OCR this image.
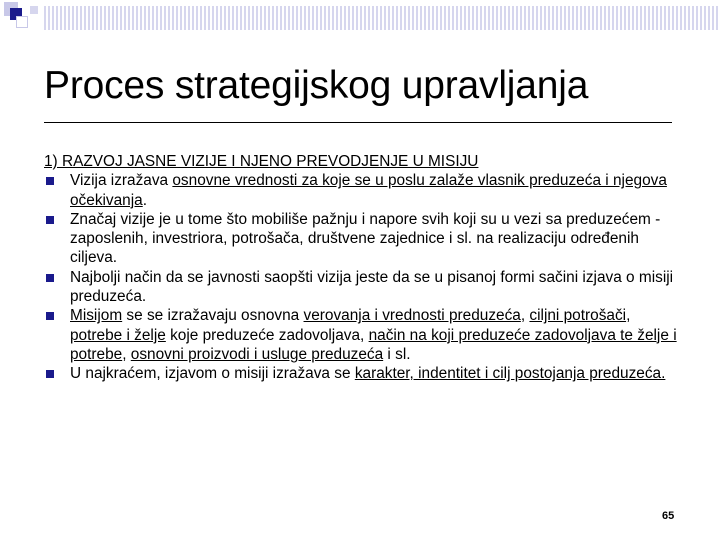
Proces strategijskog upravljanja
1) RAZVOJ JASNE VIZIJE I NJENO PREVODJENJE U MISIJU
Vizija izražava osnovne vrednosti za koje se u poslu zalaže vlasnik preduzeća i njegova očekivanja.
Značaj vizije je u tome što mobiliše pažnju i napore svih koji su u vezi sa preduzećem - zaposlenih, investriora, potrošača, društvene zajednice i sl. na realizaciju određenih ciljeva.
Najbolji način da se javnosti saopšti vizija jeste da se u pisanoj formi sačini izjava o misiji preduzeća.
Misijom se se izražavaju osnovna verovanja i vrednosti preduzeća, ciljni potrošači, potrebe i želje koje preduzeće zadovoljava, način na koji preduzeće zadovoljava te želje i potrebe, osnovni proizvodi i usluge preduzeća i sl.
U najkraćem, izjavom o misiji izražava se karakter, indentitet i cilj postojanja preduzeća.
65
